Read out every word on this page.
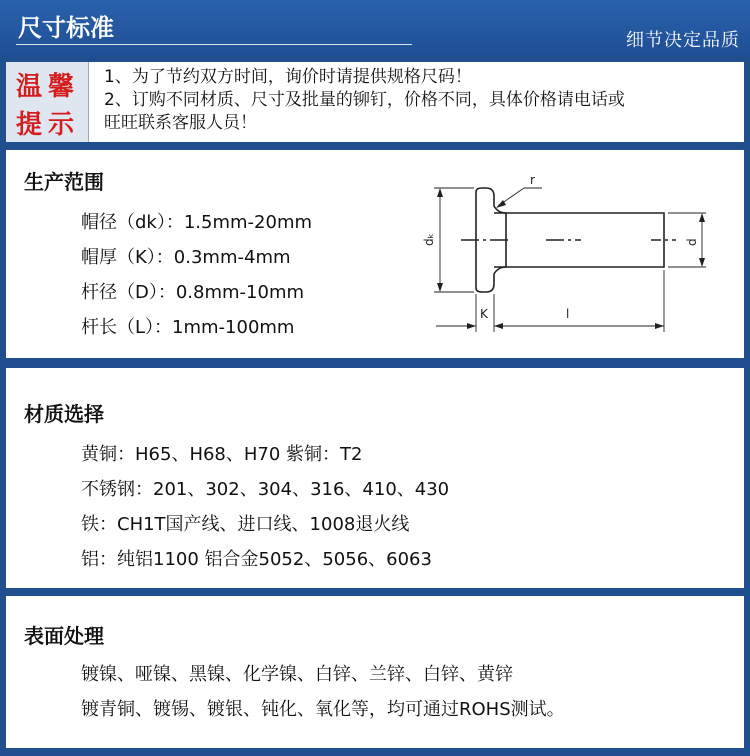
尺寸标准	细节决定品质
温馨
提示
1、为了节约双方时间，询价时请提供规格尺码！
2、订购不同材质、尺寸及批量的铆钉，价格不同，具体价格请电话或
旺旺联系客服人员！
生产范围
帽径（dk）：1.5mm-20mm
帽厚（K）：0.3mm-4mm
杆径（D）：0.8mm-10mm
杆长（L）：1mm-100mm
r
dₖ	d
K	l
材质选择
黄铜：H65、H68、H70 紫铜：T2
不锈钢：201、302、304、316、410、430
铁：CH1T国产线、进口线、1008退火线
铝：纯铝1100 铝合金5052、5056、6063
表面处理
镀镍、哑镍、黑镍、化学镍、白锌、兰锌、白锌、黄锌
镀青铜、镀锡、镀银、钝化、氧化等，均可通过ROHS测试。
